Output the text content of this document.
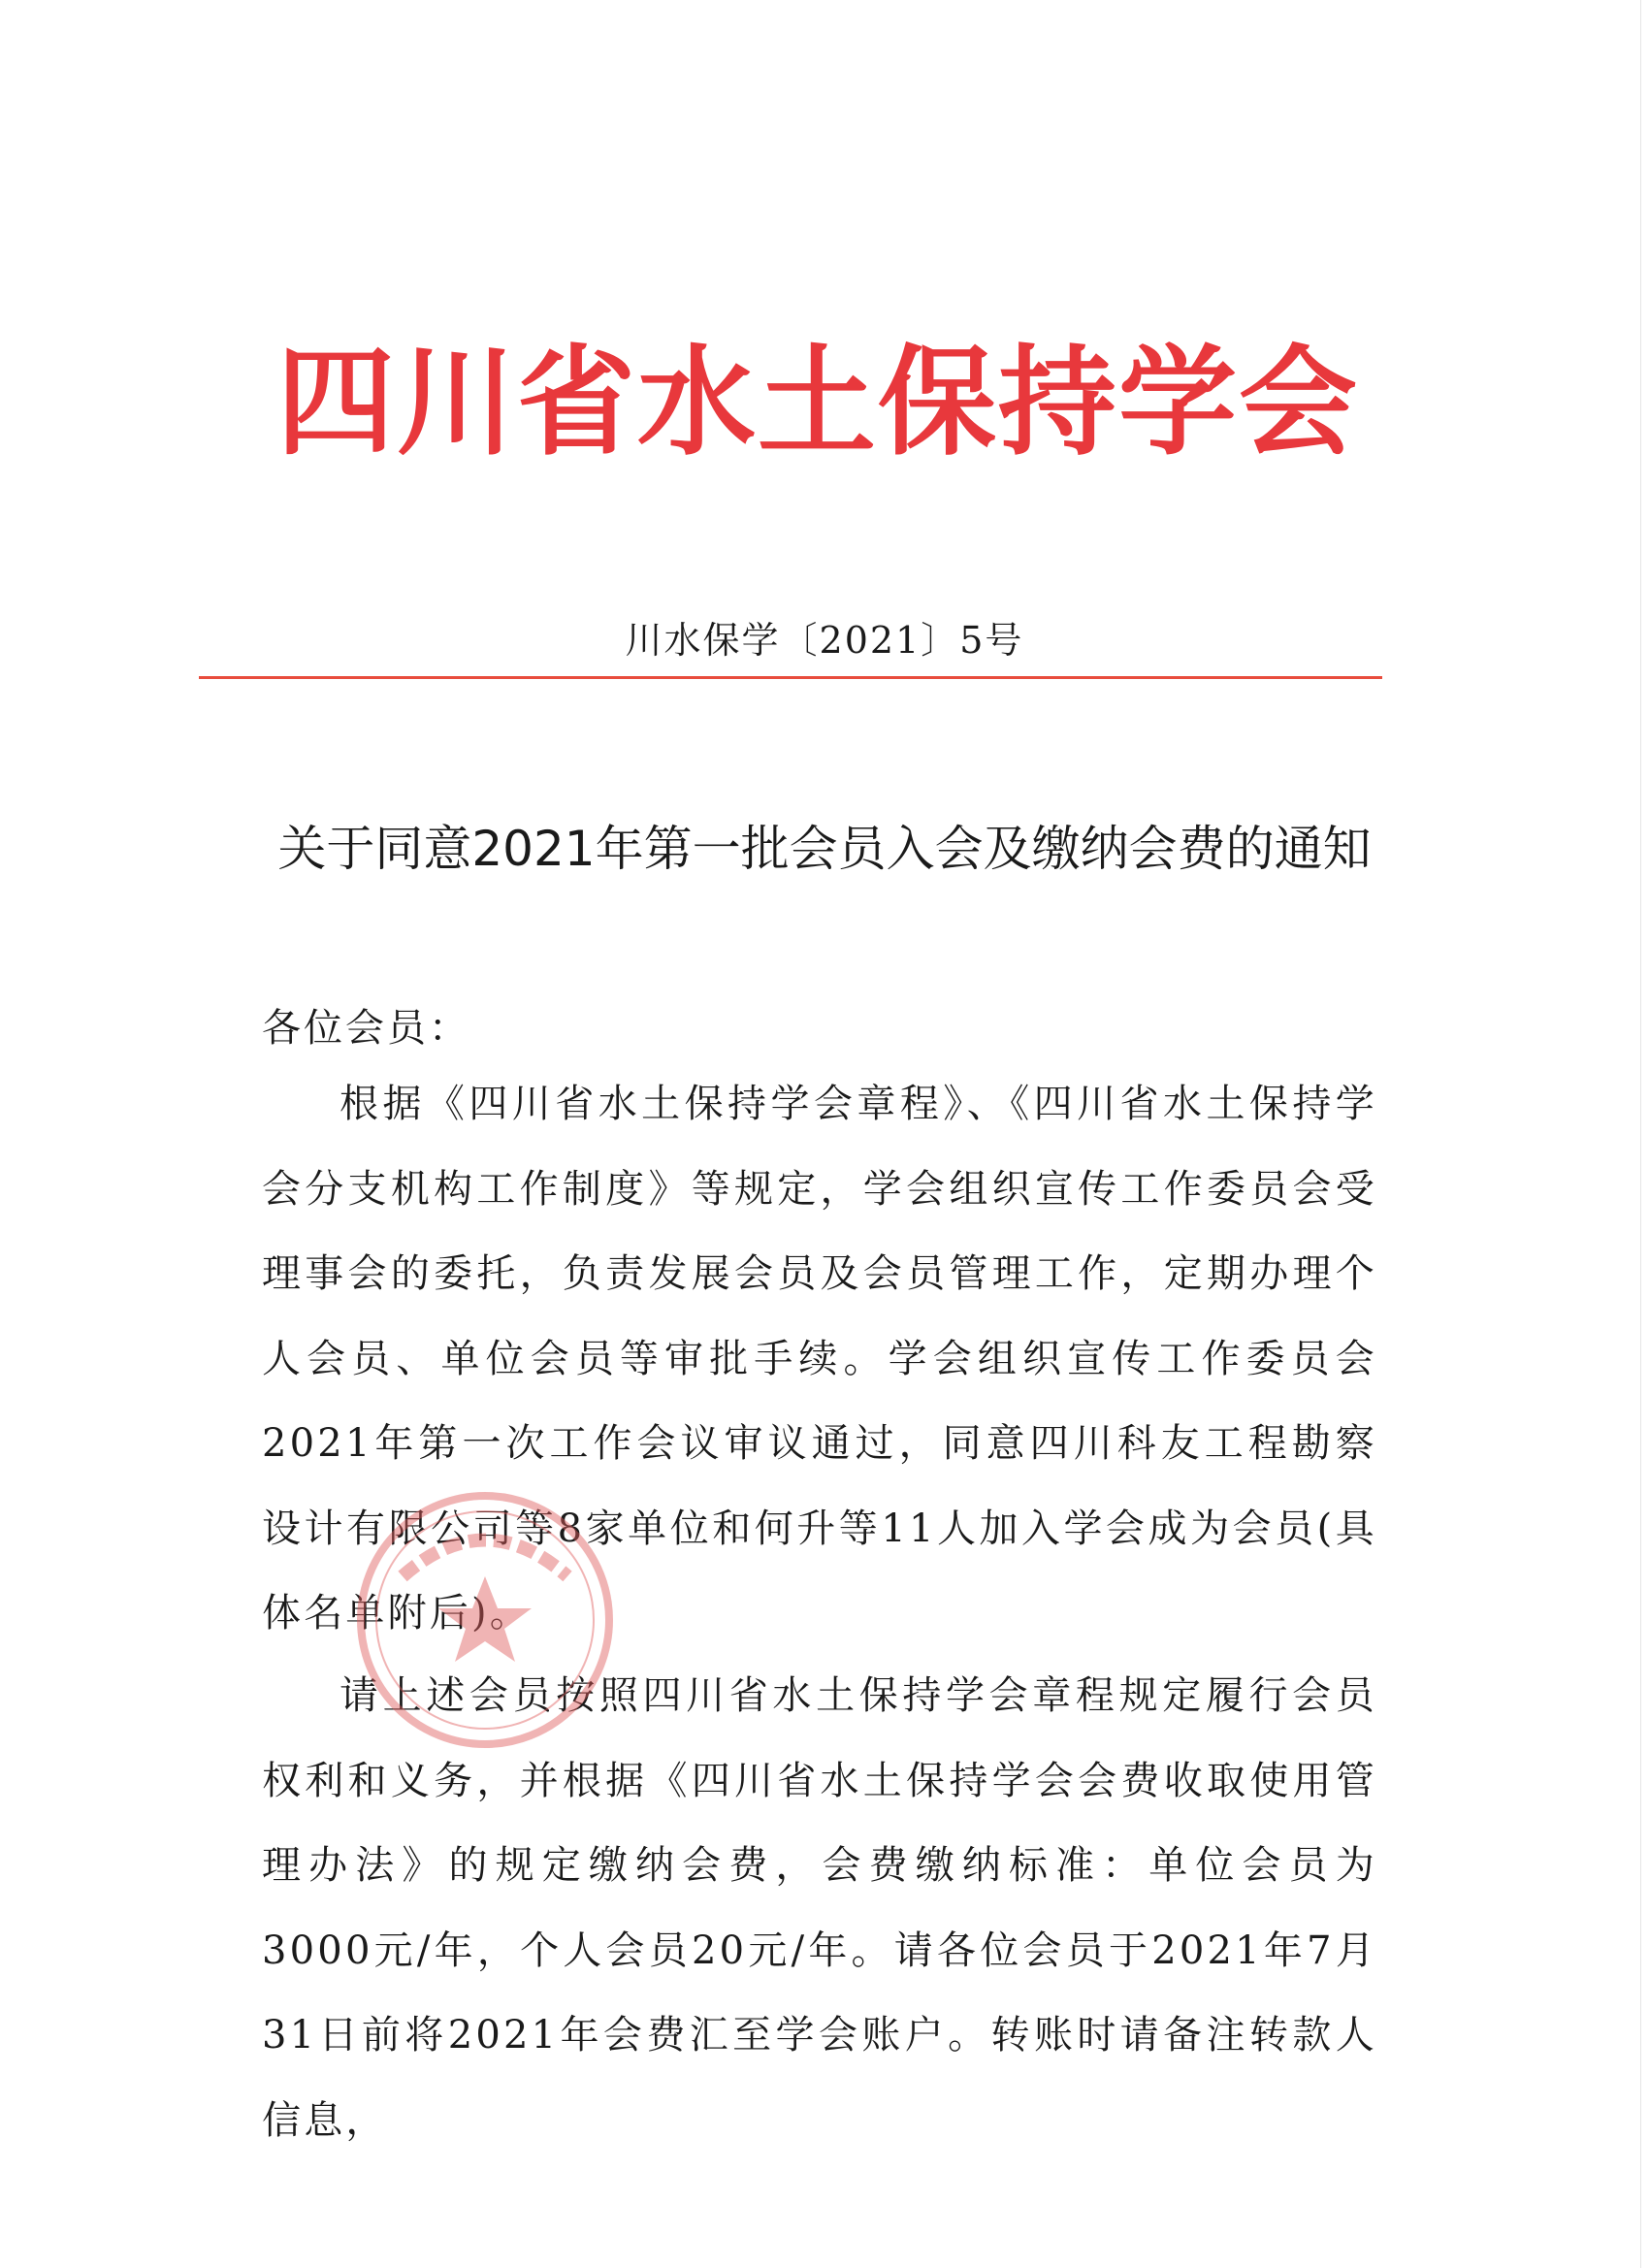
四川省水土保持学会
川水保学〔2021〕5号
关于同意2021年第一批会员入会及缴纳会费的通知
各位会员：
根据《四川省水土保持学会章程》、《四川省水土保持学会分支机构工作制度》等规定，学会组织宣传工作委员会受理事会的委托，负责发展会员及会员管理工作，定期办理个人会员、单位会员等审批手续。学会组织宣传工作委员会2021年第一次工作会议审议通过，同意四川科友工程勘察设计有限公司等8家单位和何升等11人加入学会成为会员(具体名单附后)。
请上述会员按照四川省水土保持学会章程规定履行会员权利和义务，并根据《四川省水土保持学会会费收取使用管理办法》的规定缴纳会费，会费缴纳标准：单位会员为3000元/年，个人会员20元/年。请各位会员于2021年7月31日前将2021年会费汇至学会账户。转账时请备注转款人信息，
